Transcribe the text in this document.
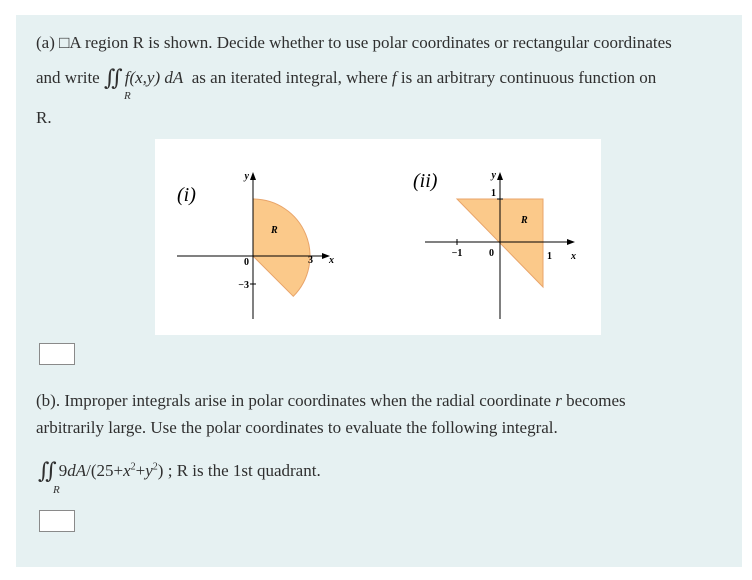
(a) □A region R is shown. Decide whether to use polar coordinates or rectangular coordinates
and write ∬ f(x,y) dA as an iterated integral, where f is an arbitrary continuous function on
R
R.
y
x
3
−3
0
R
(i)
y
x
1
1
−1	0
R
(ii)
(b). Improper integrals arise in polar coordinates when the radial coordinate r becomes
arbitrarily large. Use the polar coordinates to evaluate the following integral.
∬ $9dA/(25+x^2+y^2)$ ; R is the 1st quadrant.
R
